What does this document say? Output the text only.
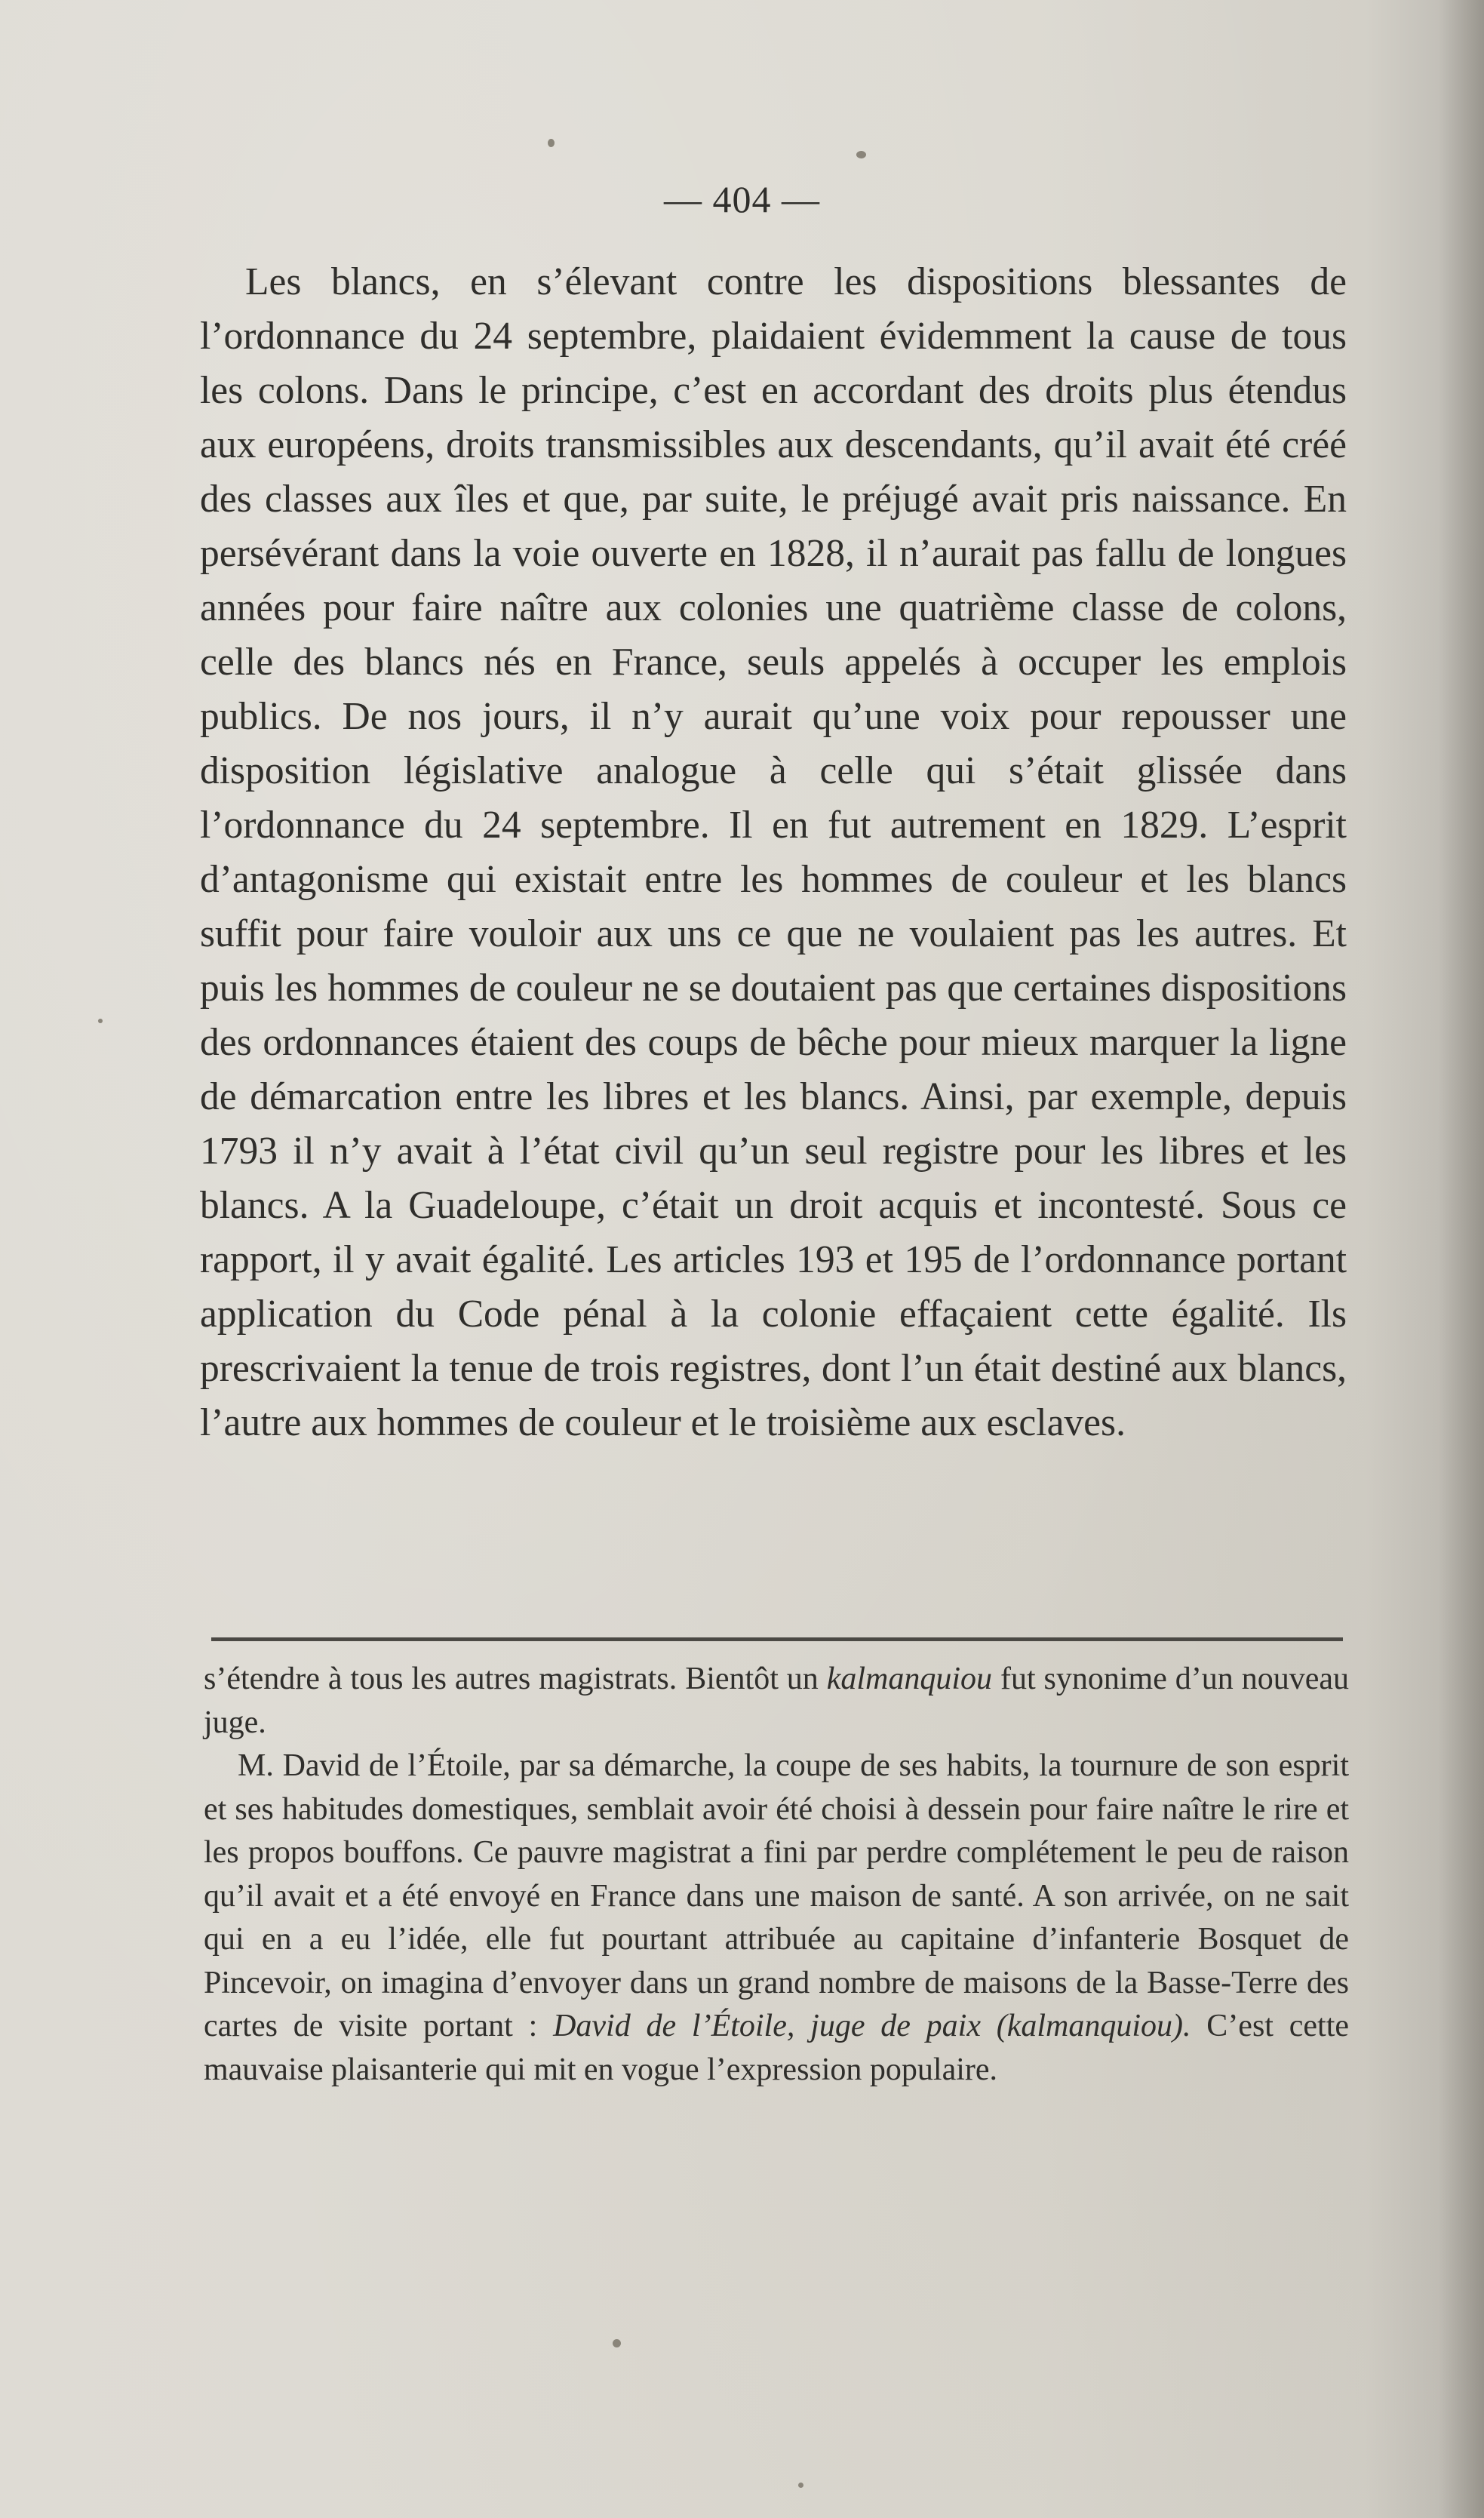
— 404 —

Les blancs, en s’élevant contre les dispositions blessantes de l’ordonnance du 24 septembre, plaidaient évidemment la cause de tous les colons. Dans le principe, c’est en accordant des droits plus étendus aux européens, droits transmissibles aux descendants, qu’il avait été créé des classes aux îles et que, par suite, le préjugé avait pris naissance. En persévérant dans la voie ouverte en 1828, il n’aurait pas fallu de longues années pour faire naître aux colonies une quatrième classe de colons, celle des blancs nés en France, seuls appelés à occuper les emplois publics. De nos jours, il n’y aurait qu’une voix pour repousser une disposition législative analogue à celle qui s’était glissée dans l’ordonnance du 24 septembre. Il en fut autrement en 1829. L’esprit d’antagonisme qui existait entre les hommes de couleur et les blancs suffit pour faire vouloir aux uns ce que ne voulaient pas les autres. Et puis les hommes de couleur ne se doutaient pas que certaines dispositions des ordonnances étaient des coups de bêche pour mieux marquer la ligne de démarcation entre les libres et les blancs. Ainsi, par exemple, depuis 1793 il n’y avait à l’état civil qu’un seul registre pour les libres et les blancs. A la Guadeloupe, c’était un droit acquis et incontesté. Sous ce rapport, il y avait égalité. Les articles 193 et 195 de l’ordonnance portant application du Code pénal à la colonie effaçaient cette égalité. Ils prescrivaient la tenue de trois registres, dont l’un était destiné aux blancs, l’autre aux hommes de couleur et le troisième aux esclaves.

s’étendre à tous les autres magistrats. Bientôt un kalmanquiou fut synonime d’un nouveau juge.

M. David de l’Étoile, par sa démarche, la coupe de ses habits, la tournure de son esprit et ses habitudes domestiques, semblait avoir été choisi à dessein pour faire naître le rire et les propos bouffons. Ce pauvre magistrat a fini par perdre complétement le peu de raison qu’il avait et a été envoyé en France dans une maison de santé. A son arrivée, on ne sait qui en a eu l’idée, elle fut pourtant attribuée au capitaine d’infanterie Bosquet de Pincevoir, on imagina d’envoyer dans un grand nombre de maisons de la Basse-Terre des cartes de visite portant : David de l’Étoile, juge de paix (kalmanquiou). C’est cette mauvaise plaisanterie qui mit en vogue l’expression populaire.
